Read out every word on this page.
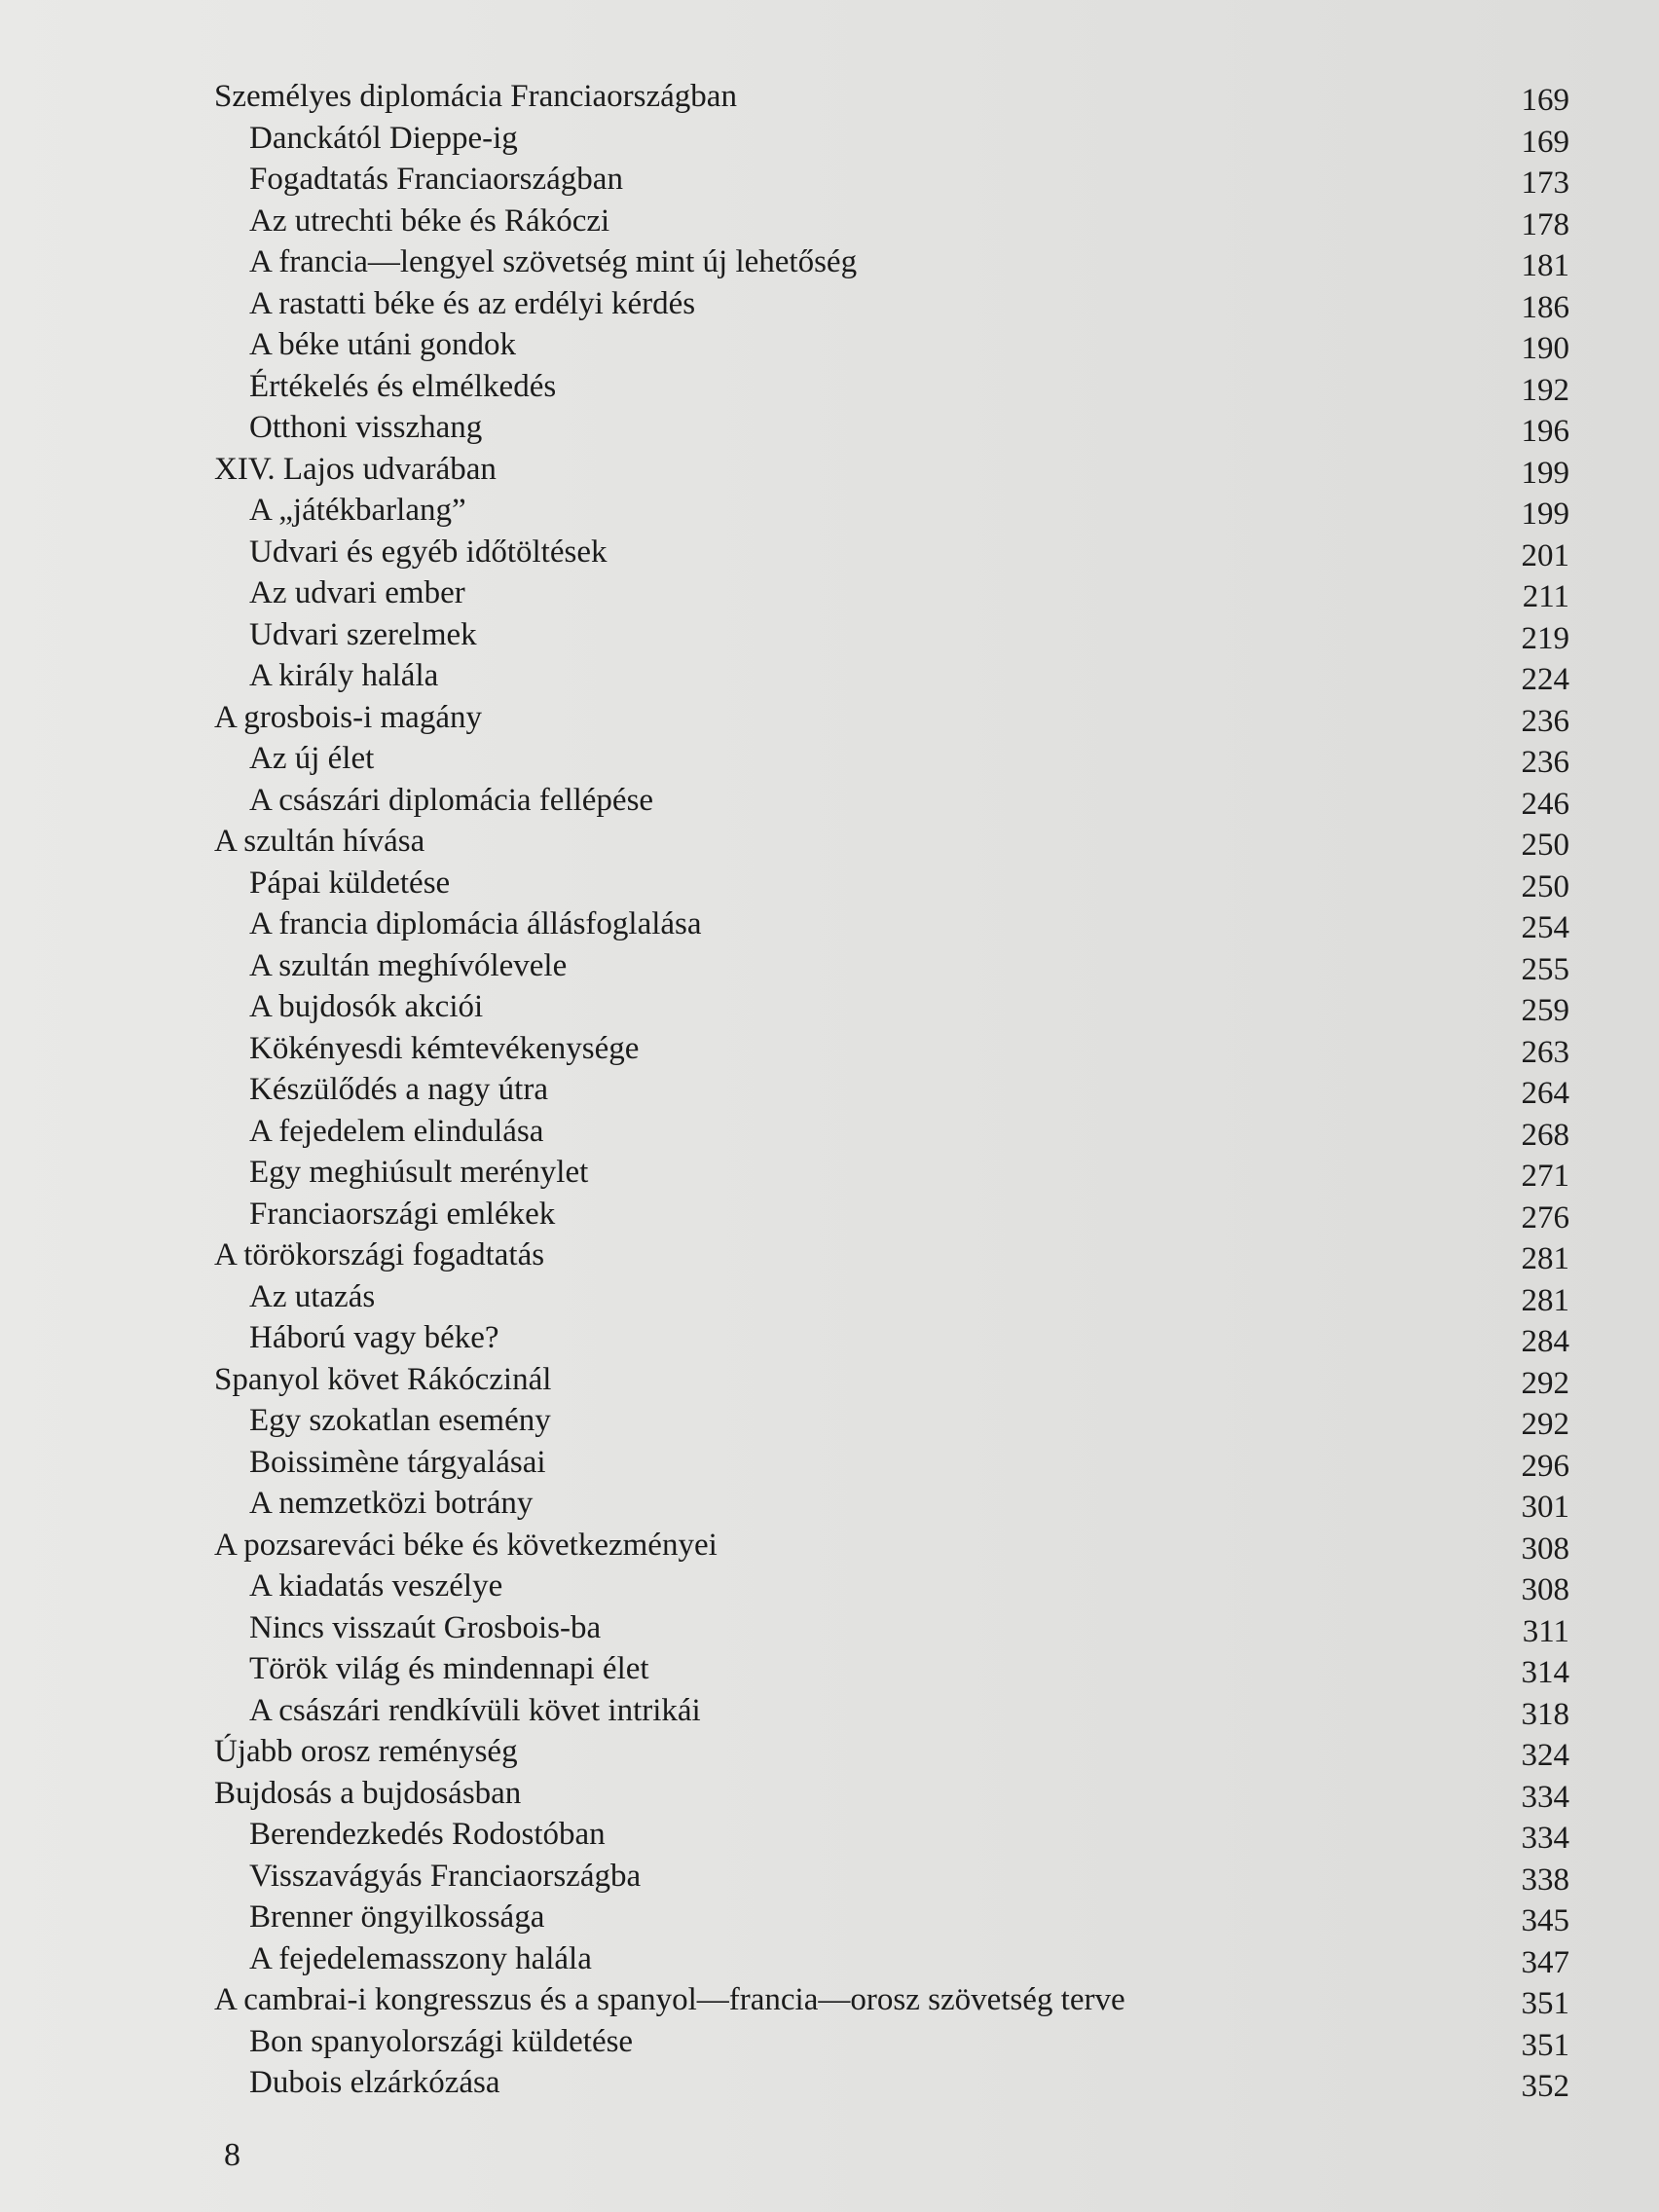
Személyes diplomácia Franciaországban	169
Danckától Dieppe-ig	169
Fogadtatás Franciaországban	173
Az utrechti béke és Rákóczi	178
A francia—lengyel szövetség mint új lehetőség	181
A rastatti béke és az erdélyi kérdés	186
A béke utáni gondok	190
Értékelés és elmélkedés	192
Otthoni visszhang	196
XIV. Lajos udvarában	199
A „játékbarlang”	199
Udvari és egyéb időtöltések	201
Az udvari ember	211
Udvari szerelmek	219
A király halála	224
A grosbois-i magány	236
Az új élet	236
A császári diplomácia fellépése	246
A szultán hívása	250
Pápai küldetése	250
A francia diplomácia állásfoglalása	254
A szultán meghívólevele	255
A bujdosók akciói	259
Kökényesdi kémtevékenysége	263
Készülődés a nagy útra	264
A fejedelem elindulása	268
Egy meghiúsult merénylet	271
Franciaországi emlékek	276
A törökországi fogadtatás	281
Az utazás	281
Háború vagy béke?	284
Spanyol követ Rákóczinál	292
Egy szokatlan esemény	292
Boissimène tárgyalásai	296
A nemzetközi botrány	301
A pozsareváci béke és következményei	308
A kiadatás veszélye	308
Nincs visszaút Grosbois-ba	311
Török világ és mindennapi élet	314
A császári rendkívüli követ intrikái	318
Újabb orosz reménység	324
Bujdosás a bujdosásban	334
Berendezkedés Rodostóban	334
Visszavágyás Franciaországba	338
Brenner öngyilkossága	345
A fejedelemasszony halála	347
A cambrai-i kongresszus és a spanyol—francia—orosz szövetség terve	351
Bon spanyolországi küldetése	351
Dubois elzárkózása	352
8
